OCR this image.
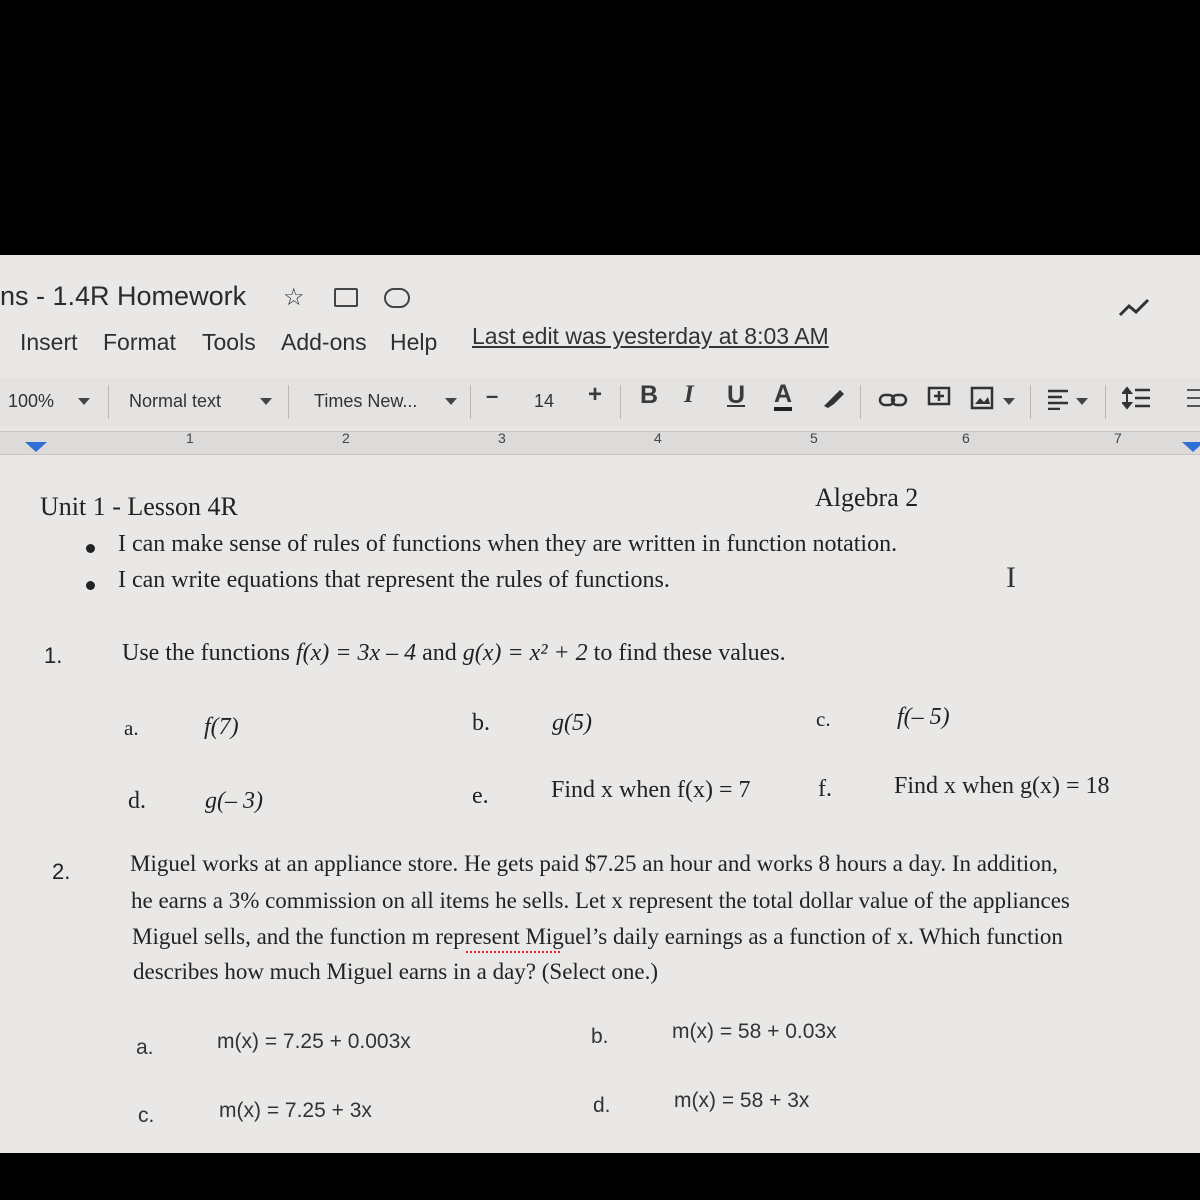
ns - 1.4R Homework ☆
Insert Format Tools Add-ons Help Last edit was yesterday at 8:03 AM
100%	Normal text	Times New...	– 14 + B I U A
1	2	3	4	5	6	7
Unit 1 - Lesson 4R	Algebra 2
I can make sense of rules of functions when they are written in function notation.
I can write equations that represent the rules of functions.	I
1. Use the functions f(x) = 3x – 4 and g(x) = x² + 2 to find these values.
a.	f(7)	b.	g(5)	c.	f(– 5)
d. g(– 3)	e.	Find x when f(x) = 7	f.	Find x when g(x) = 18
2.	Miguel works at an appliance store. He gets paid $7.25 an hour and works 8 hours a day. In addition,
he earns a 3% commission on all items he sells. Let x represent the total dollar value of the appliances
Miguel sells, and the function m represent Miguel’s daily earnings as a function of x. Which function
describes how much Miguel earns in a day? (Select one.)
a.	m(x) = 7.25 + 0.003x	b.	m(x) = 58 + 0.03x
c.	m(x) = 7.25 + 3x	d.	m(x) = 58 + 3x
